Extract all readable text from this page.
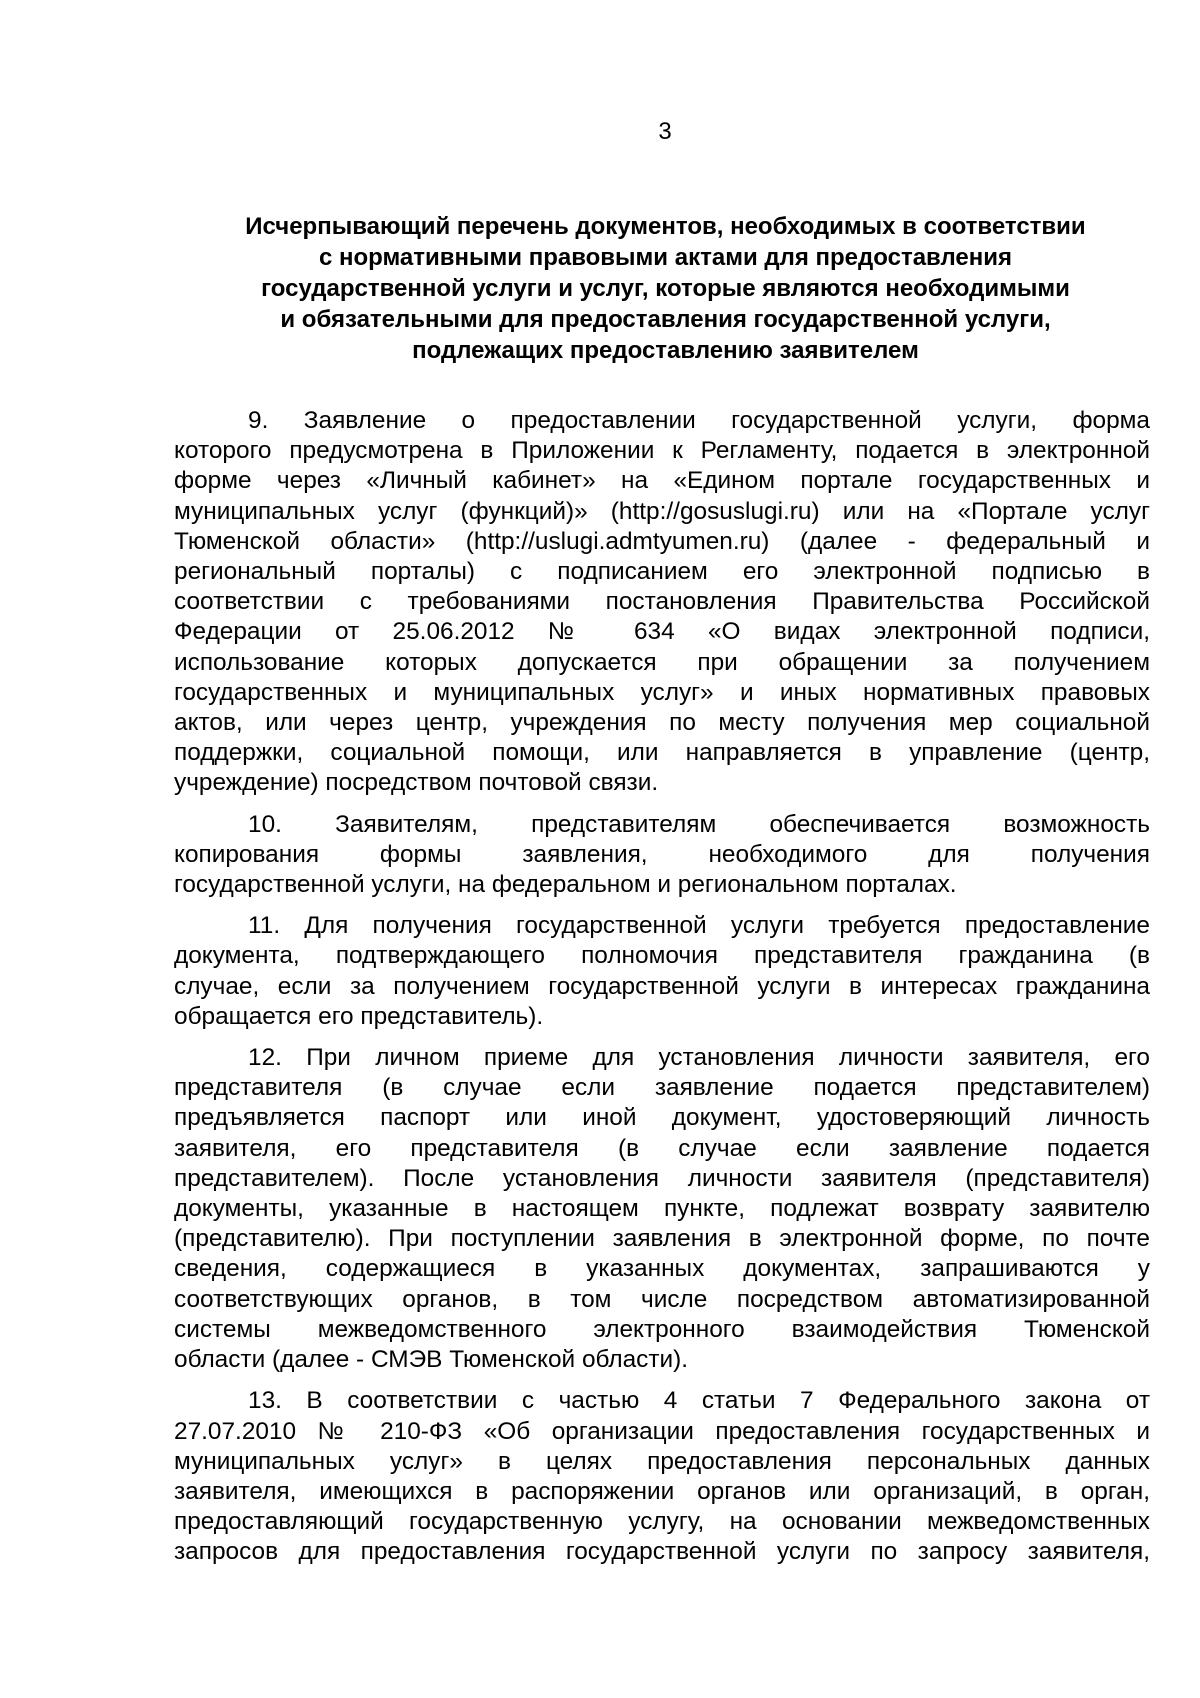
3
Исчерпывающий перечень документов, необходимых в соответствии
с нормативными правовыми актами для предоставления
государственной услуги и услуг, которые являются необходимыми
и обязательными для предоставления государственной услуги,
подлежащих предоставлению заявителем

9. Заявление о предоставлении государственной услуги, форма
которого предусмотрена в Приложении к Регламенту, подается в электронной
форме через «Личный кабинет» на «Едином портале государственных и
муниципальных услуг (функций)» (http://gosuslugi.ru) или на «Портале услуг
Тюменской области» (http://uslugi.admtyumen.ru) (далее - федеральный и
региональный порталы) с подписанием его электронной подписью в
соответствии с требованиями постановления Правительства Российской
Федерации от 25.06.2012 № 634 «О видах электронной подписи,
использование которых допускается при обращении за получением
государственных и муниципальных услуг» и иных нормативных правовых
актов, или через центр, учреждения по месту получения мер социальной
поддержки, социальной помощи, или направляется в управление (центр,
учреждение) посредством почтовой связи.

10. Заявителям, представителям обеспечивается возможность
копирования формы заявления, необходимого для получения
государственной услуги, на федеральном и региональном порталах.

11. Для получения государственной услуги требуется предоставление
документа, подтверждающего полномочия представителя гражданина (в
случае, если за получением государственной услуги в интересах гражданина
обращается его представитель).

12. При личном приеме для установления личности заявителя, его
представителя (в случае если заявление подается представителем)
предъявляется паспорт или иной документ, удостоверяющий личность
заявителя, его представителя (в случае если заявление подается
представителем). После установления личности заявителя (представителя)
документы, указанные в настоящем пункте, подлежат возврату заявителю
(представителю). При поступлении заявления в электронной форме, по почте
сведения, содержащиеся в указанных документах, запрашиваются у
соответствующих органов, в том числе посредством автоматизированной
системы межведомственного электронного взаимодействия Тюменской
области (далее - СМЭВ Тюменской области).

13. В соответствии с частью 4 статьи 7 Федерального закона от
27.07.2010 № 210-ФЗ «Об организации предоставления государственных и
муниципальных услуг» в целях предоставления персональных данных
заявителя, имеющихся в распоряжении органов или организаций, в орган,
предоставляющий государственную услугу, на основании межведомственных
запросов для предоставления государственной услуги по запросу заявителя,
